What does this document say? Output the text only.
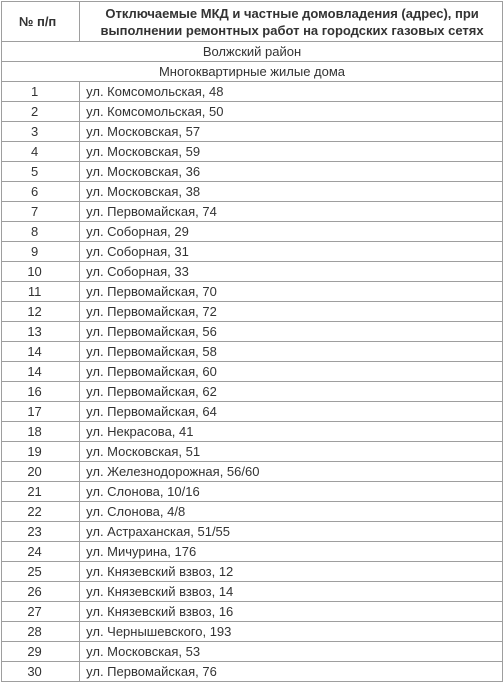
№ п/п	Отключаемые МКД и частные домовладения (адрес), при выполнении ремонтных работ на городских газовых сетях
Волжский район	
Многоквартирные жилые дома	
1	ул. Комсомольская, 48
2	ул. Комсомольская, 50
3	ул. Московская, 57
4	ул. Московская, 59
5	ул. Московская, 36
6	ул. Московская, 38
7	ул. Первомайская, 74
8	ул. Соборная, 29
9	ул. Соборная, 31
10	ул. Соборная, 33
11	ул. Первомайская, 70
12	ул. Первомайская, 72
13	ул. Первомайская, 56
14	ул. Первомайская, 58
14	ул. Первомайская, 60
16	ул. Первомайская, 62
17	ул. Первомайская, 64
18	ул. Некрасова, 41
19	ул. Московская, 51
20	ул. Железнодорожная, 56/60
21	ул. Слонова, 10/16
22	ул. Слонова, 4/8
23	ул. Астраханская, 51/55
24	ул. Мичурина, 176
25	ул. Князевский взвоз, 12
26	ул. Князевский взвоз, 14
27	ул. Князевский взвоз, 16
28	ул. Чернышевского, 193
29	ул. Московская, 53
30	ул. Первомайская, 76
